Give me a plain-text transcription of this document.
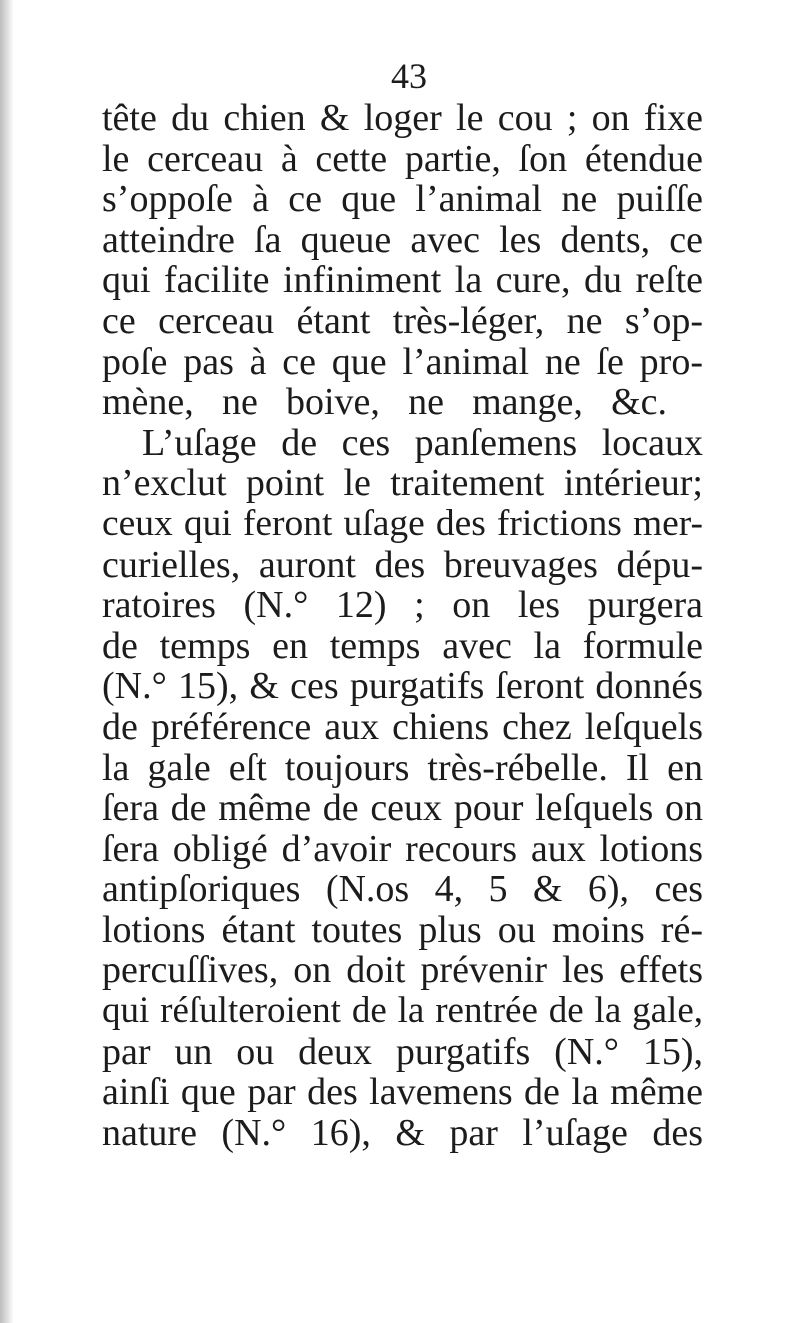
43
tête du chien & loger le cou ; on fixe
le cerceau à cette partie, ſon étendue
s’oppoſe à ce que l’animal ne puiſſe
atteindre ſa queue avec les dents, ce
qui facilite infiniment la cure, du reſte
ce cerceau étant très-léger, ne s’op-
poſe pas à ce que l’animal ne ſe pro-
mène, ne boive, ne mange, &c.
L’uſage de ces panſemens locaux
n’exclut point le traitement intérieur;
ceux qui feront uſage des frictions mer-
curielles, auront des breuvages dépu-
ratoires (N.° 12) ; on les purgera
de temps en temps avec la formule
(N.° 15), & ces purgatifs ſeront donnés
de préférence aux chiens chez leſquels
la gale eſt toujours très-rébelle. Il en
ſera de même de ceux pour leſquels on
ſera obligé d’avoir recours aux lotions
antipſoriques (N.os 4, 5 & 6), ces
lotions étant toutes plus ou moins ré-
percuſſives, on doit prévenir les effets
qui réſulteroient de la rentrée de la gale,
par un ou deux purgatifs (N.° 15),
ainſi que par des lavemens de la même
nature (N.° 16), & par l’uſage des
